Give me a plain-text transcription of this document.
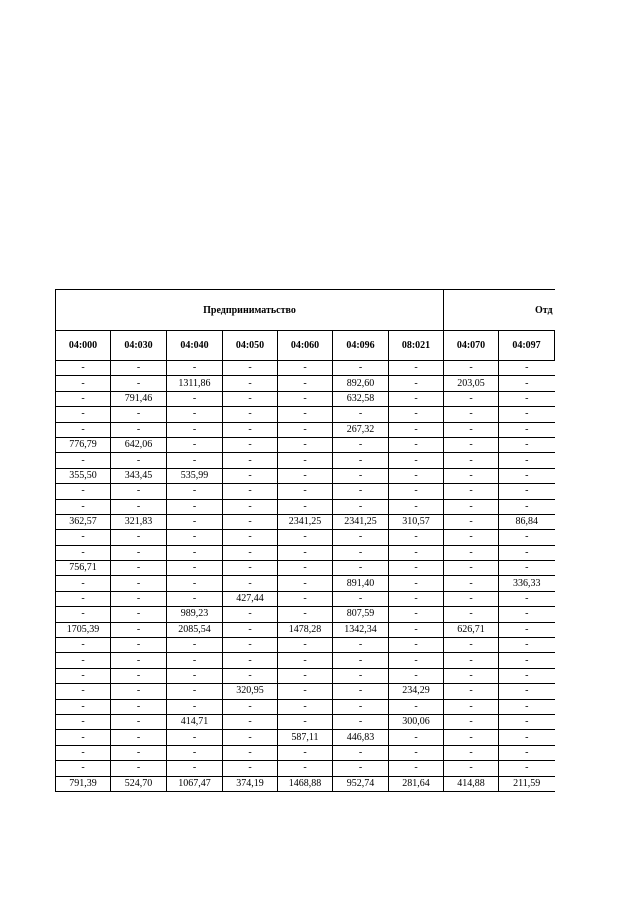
Предприниматьство							Отд	
04:000	04:030	04:040	04:050	04:060	04:096	08:021	04:070	04:097
-	-	-	-	-	-	-	-	-
-	-	1311,86	-	-	892,60	-	203,05	-
-	791,46	-	-	-	632,58	-	-	-
-	-	-	-	-	-	-	-	-
-	-	-	-	-	267,32	-	-	-
776,79	642,06	-	-	-	-	-	-	-
-	-	-	-	-	-	-	-	-
355,50	343,45	535,99	-	-	-	-	-	-
-	-	-	-	-	-	-	-	-
-	-	-	-	-	-	-	-	-
362,57	321,83	-	-	2341,25	2341,25	310,57	-	86,84
-	-	-	-	-	-	-	-	-
-	-	-	-	-	-	-	-	-
756,71	-	-	-	-	-	-	-	-
-	-	-	-	-	891,40	-	-	336,33
-	-	-	427,44	-	-	-	-	-
-	-	989,23	-	-	807,59	-	-	-
1705,39	-	2085,54	-	1478,28	1342,34	-	626,71	-
-	-	-	-	-	-	-	-	-
-	-	-	-	-	-	-	-	-
-	-	-	-	-	-	-	-	-
-	-	-	320,95	-	-	234,29	-	-
-	-	-	-	-	-	-	-	-
-	-	414,71	-	-	-	300,06	-	-
-	-	-	-	587,11	446,83	-	-	-
-	-	-	-	-	-	-	-	-
-	-	-	-	-	-	-	-	-
791,39	524,70	1067,47	374,19	1468,88	952,74	281,64	414,88	211,59
